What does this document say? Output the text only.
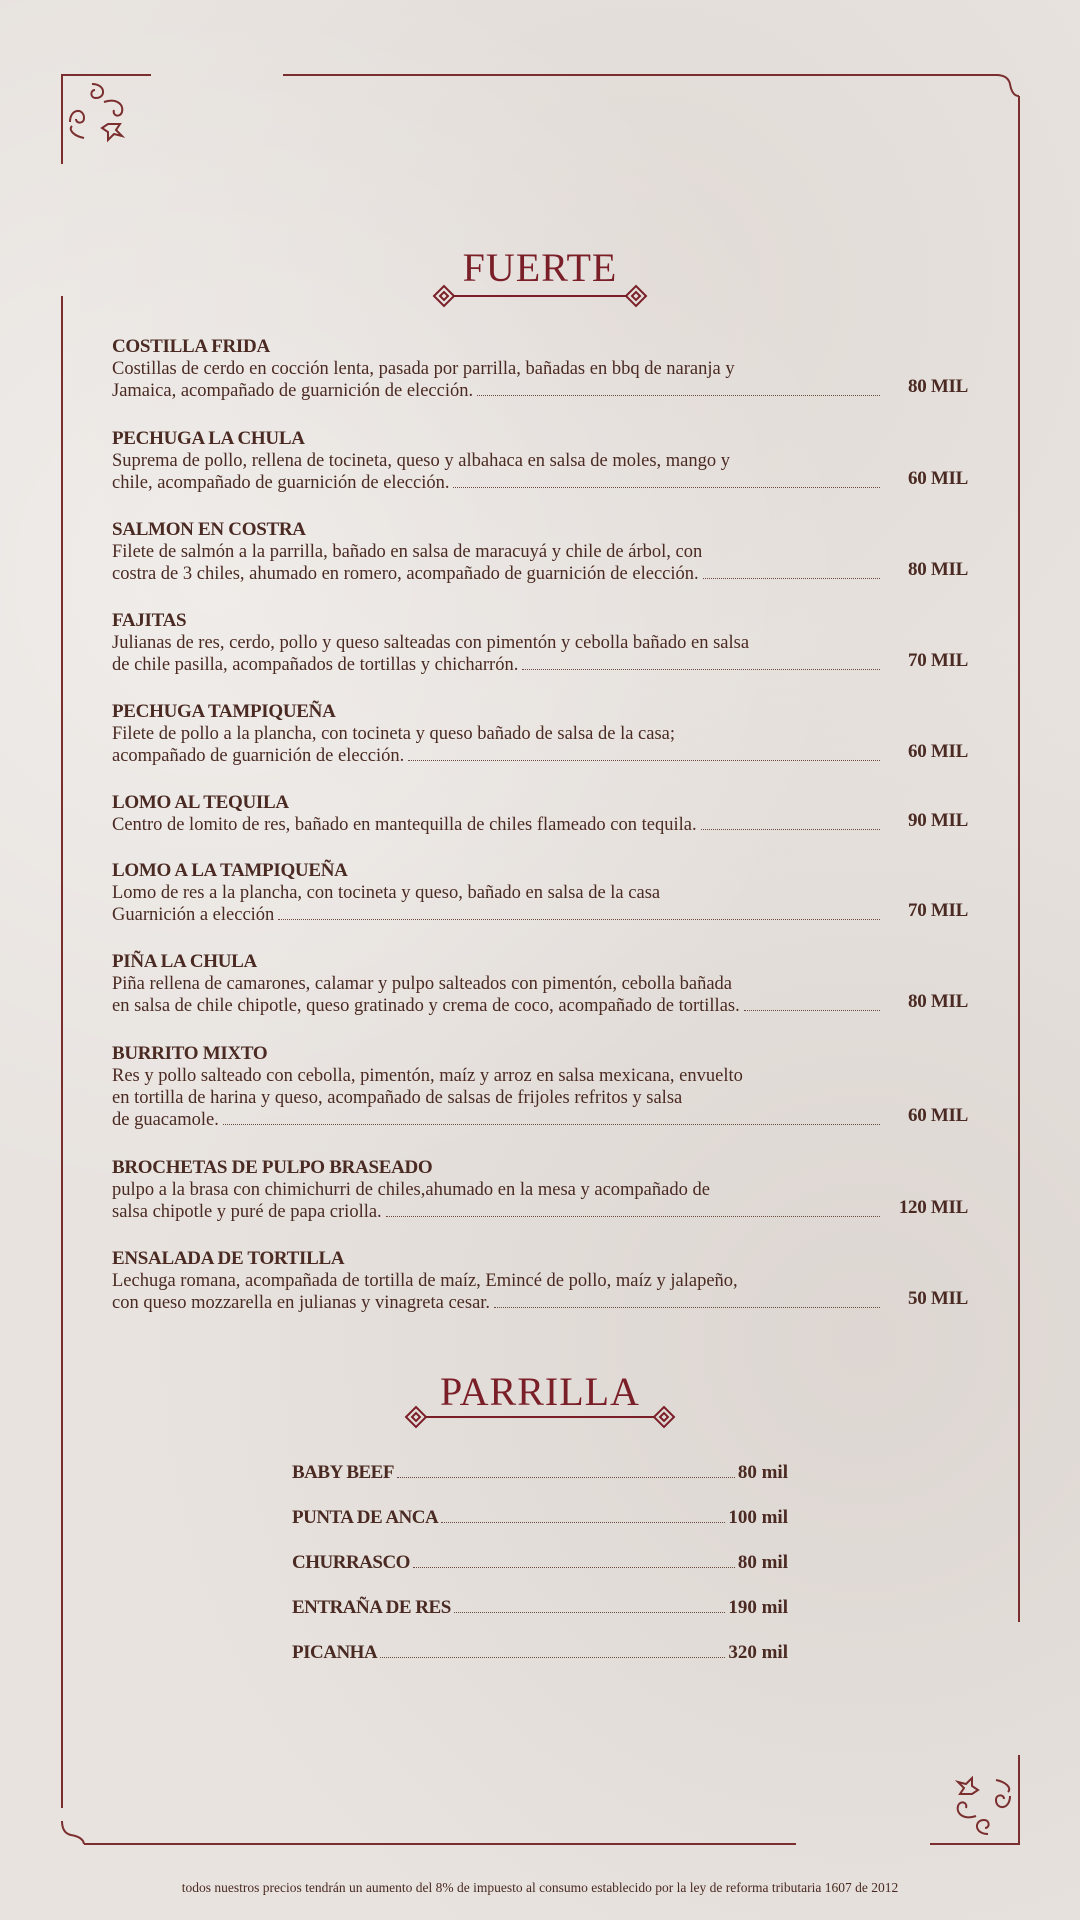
FUERTE
COSTILLA FRIDA
Costillas de cerdo en cocción lenta, pasada por parrilla, bañadas en bbq de naranja y
Jamaica, acompañado de guarnición de elección.	80 MIL
PECHUGA LA CHULA
Suprema de pollo, rellena de tocineta, queso y albahaca en salsa de moles, mango y
chile, acompañado de guarnición de elección.	60 MIL
SALMON EN COSTRA
Filete de salmón a la parrilla, bañado en salsa de maracuyá y chile de árbol, con
costra de 3 chiles, ahumado en romero, acompañado de guarnición de elección.	80 MIL
FAJITAS
Julianas de res, cerdo, pollo y queso salteadas con pimentón y cebolla bañado en salsa
de chile pasilla, acompañados de tortillas y chicharrón.	70 MIL
PECHUGA TAMPIQUEÑA
Filete de pollo a la plancha, con tocineta y queso bañado de salsa de la casa;
acompañado de guarnición de elección.	60 MIL
LOMO AL TEQUILA
Centro de lomito de res, bañado en mantequilla de chiles flameado con tequila.	90 MIL
LOMO A LA TAMPIQUEÑA
Lomo de res a la plancha, con tocineta y queso, bañado en salsa de la casa
Guarnición a elección	70 MIL
PIÑA LA CHULA
Piña rellena de camarones, calamar y pulpo salteados con pimentón, cebolla bañada
en salsa de chile chipotle, queso gratinado y crema de coco, acompañado de tortillas.	80 MIL
BURRITO MIXTO
Res y pollo salteado con cebolla, pimentón, maíz y arroz en salsa mexicana, envuelto
en tortilla de harina y queso, acompañado de salsas de frijoles refritos y salsa
de guacamole.	60 MIL
BROCHETAS DE PULPO BRASEADO
pulpo a la brasa con chimichurri de chiles,ahumado en la mesa y acompañado de
salsa chipotle y puré de papa criolla.	120 MIL
ENSALADA DE TORTILLA
Lechuga romana, acompañada de tortilla de maíz, Emincé de pollo, maíz y jalapeño,
con queso mozzarella en julianas y vinagreta cesar.	50 MIL
PARRILLA
BABY BEEF	80 mil
PUNTA DE ANCA	100 mil
CHURRASCO	80 mil
ENTRAÑA DE RES	190 mil
PICANHA	320 mil
todos nuestros precios tendrán un aumento del 8% de impuesto al consumo establecido por la ley de reforma tributaria 1607 de 2012
